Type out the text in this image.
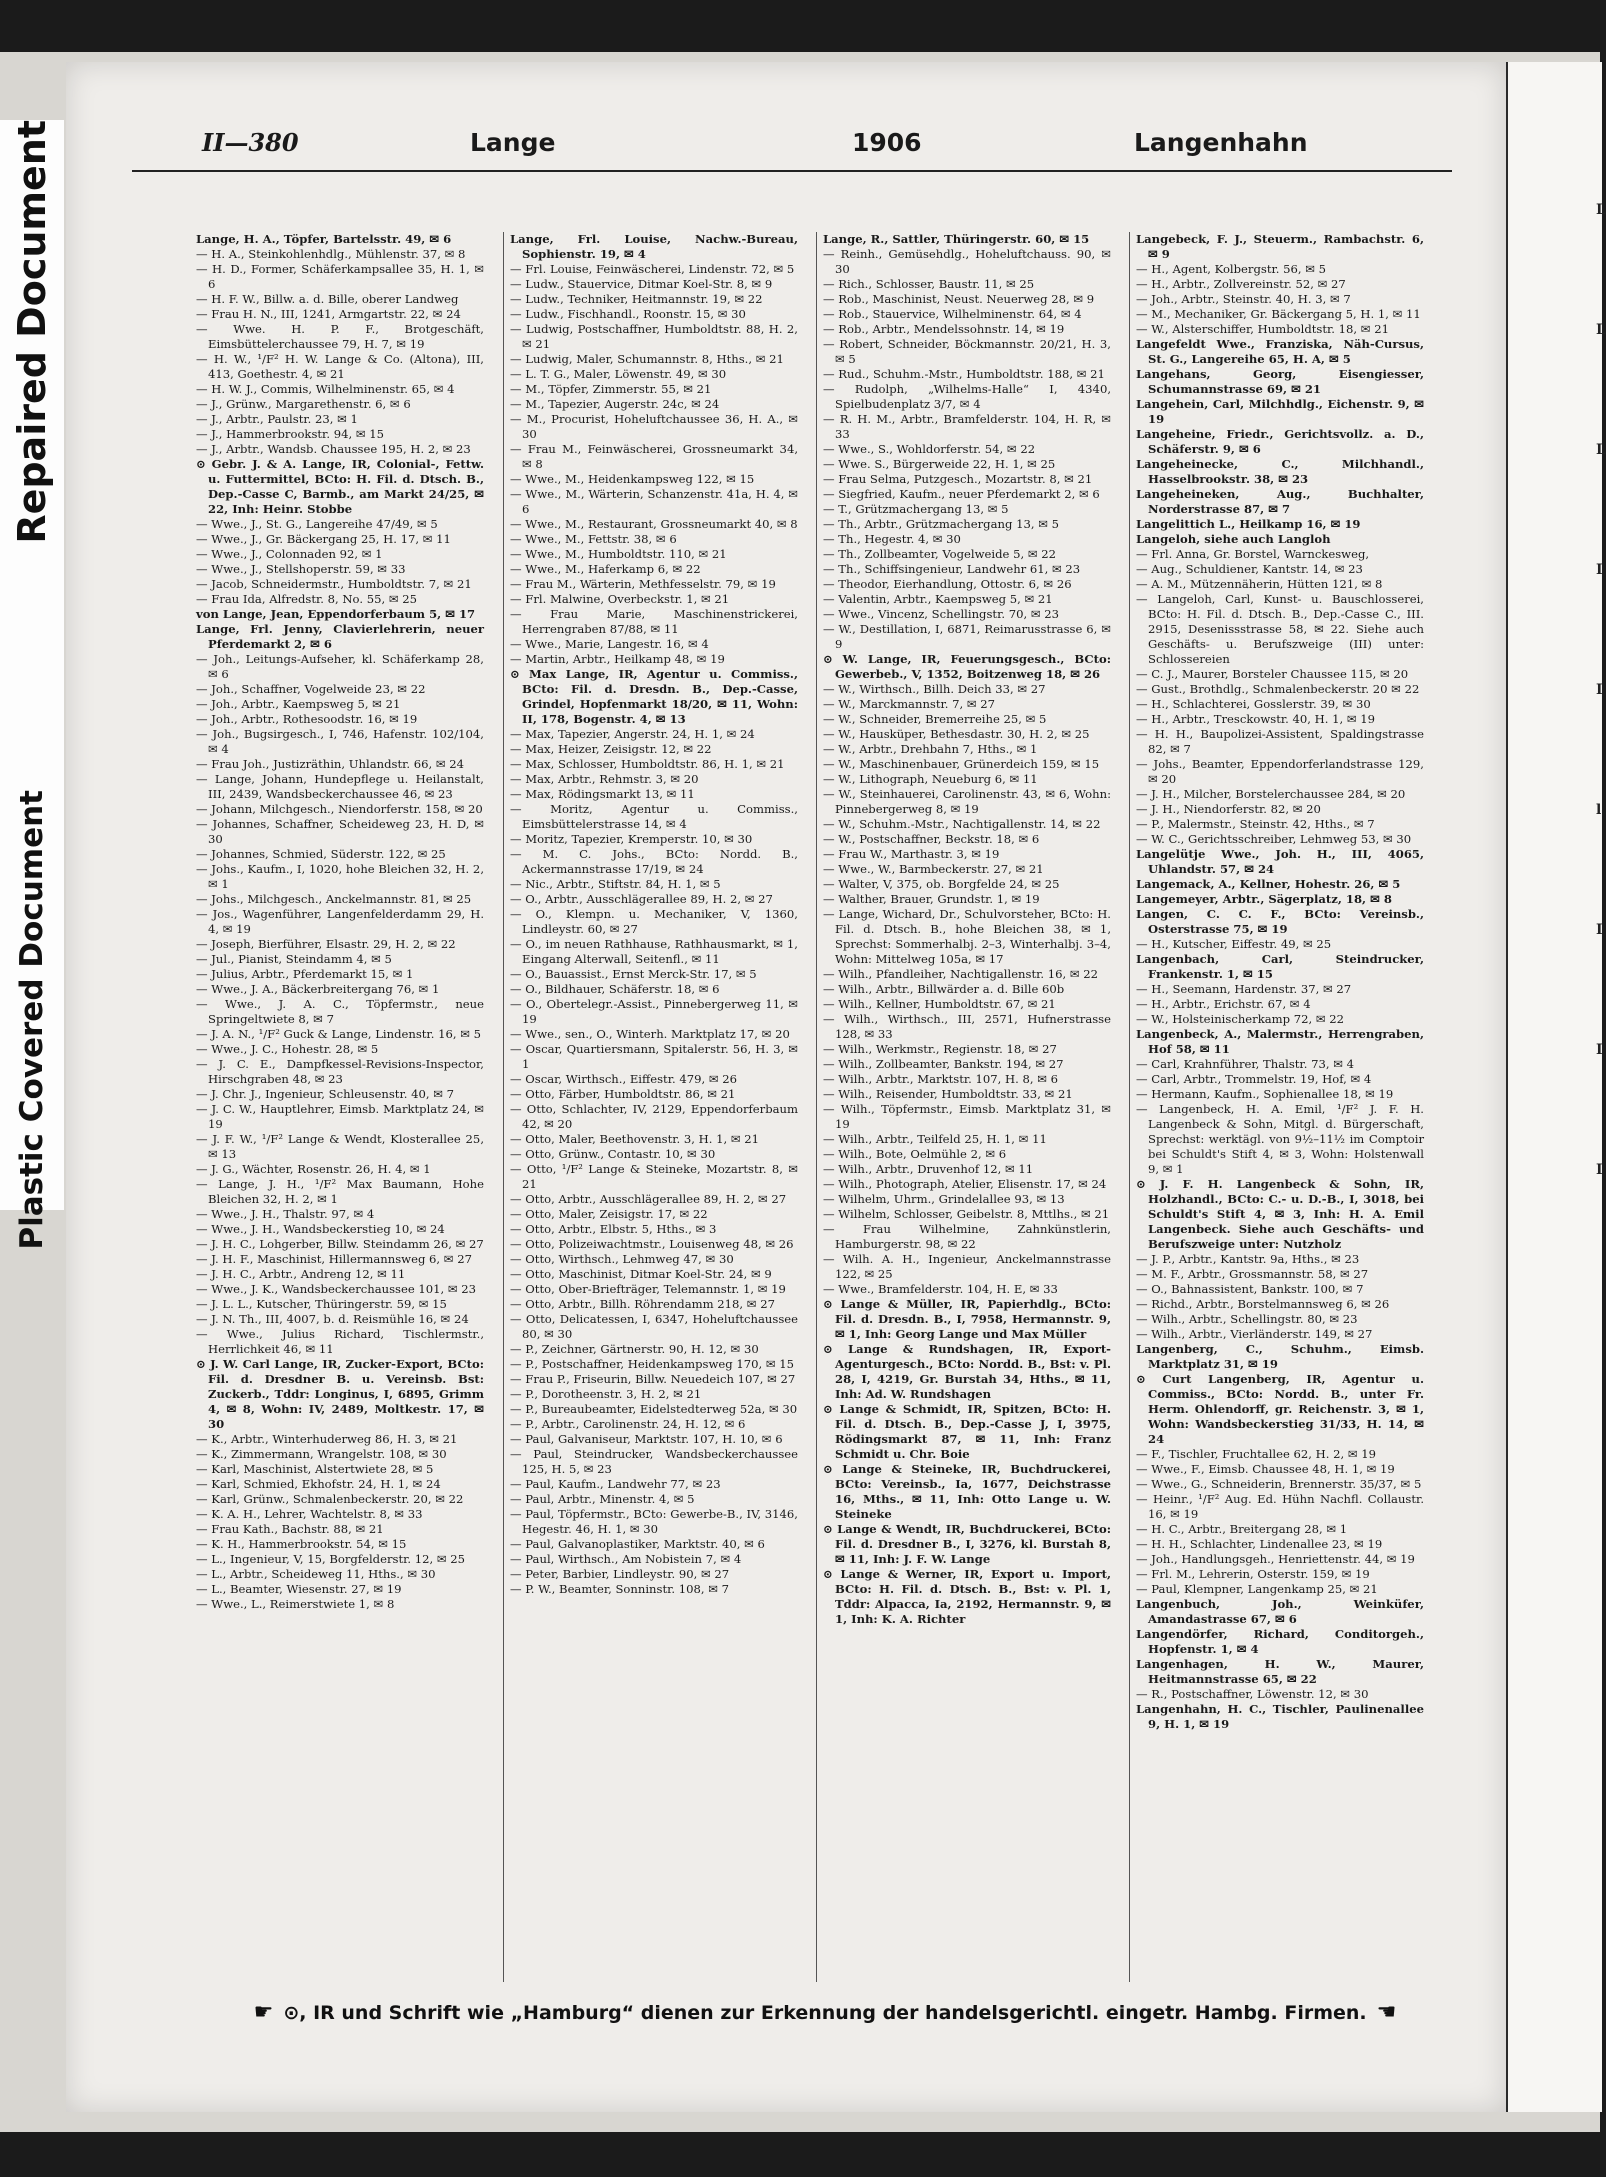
Repaired Document
Plastic Covered Document
L
L
L
I
I
l
I
I
I
II—380	Lange	1906	Langenhahn

Lange, H. A., Töpfer, Bartelsstr. 49, ✉ 6

— H. A., Steinkohlenhdlg., Mühlenstr. 37, ✉ 8

— H. D., Former, Schäferkampsallee 35, H. 1, ✉ 6

— H. F. W., Billw. a. d. Bille, oberer Landweg

— Frau H. N., III, 1241, Armgartstr. 22, ✉ 24

— Wwe. H. P. F., Brotgeschäft, Eimsbüttelerchaussee 79, H. 7, ✉ 19

— H. W., ¹/F² H. W. Lange & Co. (Altona), III, 413, Goethestr. 4, ✉ 21

— H. W. J., Commis, Wilhelminenstr. 65, ✉ 4

— J., Grünw., Margarethenstr. 6, ✉ 6

— J., Arbtr., Paulstr. 23, ✉ 1

— J., Hammerbrookstr. 94, ✉ 15

— J., Arbtr., Wandsb. Chaussee 195, H. 2, ✉ 23

⊙ Gebr. J. & A. Lange, IR, Colonial-, Fettw. u. Futtermittel, BCto: H. Fil. d. Dtsch. B., Dep.-Casse C, Barmb., am Markt 24/25, ✉ 22, Inh: Heinr. Stobbe

— Wwe., J., St. G., Langereihe 47/49, ✉ 5

— Wwe., J., Gr. Bäckergang 25, H. 17, ✉ 11

— Wwe., J., Colonnaden 92, ✉ 1

— Wwe., J., Stellshoperstr. 59, ✉ 33

— Jacob, Schneidermstr., Humboldtstr. 7, ✉ 21

— Frau Ida, Alfredstr. 8, No. 55, ✉ 25

von Lange, Jean, Eppendorferbaum 5, ✉ 17

Lange, Frl. Jenny, Clavierlehrerin, neuer Pferdemarkt 2, ✉ 6

— Joh., Leitungs-Aufseher, kl. Schäferkamp 28, ✉ 6

— Joh., Schaffner, Vogelweide 23, ✉ 22

— Joh., Arbtr., Kaempsweg 5, ✉ 21

— Joh., Arbtr., Rothesoodstr. 16, ✉ 19

— Joh., Bugsirgesch., I, 746, Hafenstr. 102/104, ✉ 4

— Frau Joh., Justizräthin, Uhlandstr. 66, ✉ 24

— Lange, Johann, Hundepflege u. Heilanstalt, III, 2439, Wandsbeckerchaussee 46, ✉ 23

— Johann, Milchgesch., Niendorferstr. 158, ✉ 20

— Johannes, Schaffner, Scheideweg 23, H. D, ✉ 30

— Johannes, Schmied, Süderstr. 122, ✉ 25

— Johs., Kaufm., I, 1020, hohe Bleichen 32, H. 2, ✉ 1

— Johs., Milchgesch., Anckelmannstr. 81, ✉ 25

— Jos., Wagenführer, Langenfelderdamm 29, H. 4, ✉ 19

— Joseph, Bierführer, Elsastr. 29, H. 2, ✉ 22

— Jul., Pianist, Steindamm 4, ✉ 5

— Julius, Arbtr., Pferdemarkt 15, ✉ 1

— Wwe., J. A., Bäckerbreitergang 76, ✉ 1

— Wwe., J. A. C., Töpfermstr., neue Springeltwiete 8, ✉ 7

— J. A. N., ¹/F² Guck & Lange, Lindenstr. 16, ✉ 5

— Wwe., J. C., Hohestr. 28, ✉ 5

— J. C. E., Dampfkessel-Revisions-Inspector, Hirschgraben 48, ✉ 23

— J. Chr. J., Ingenieur, Schleusenstr. 40, ✉ 7

— J. C. W., Hauptlehrer, Eimsb. Marktplatz 24, ✉ 19

— J. F. W., ¹/F² Lange & Wendt, Klosterallee 25, ✉ 13

— J. G., Wächter, Rosenstr. 26, H. 4, ✉ 1

— Lange, J. H., ¹/F² Max Baumann, Hohe Bleichen 32, H. 2, ✉ 1

— Wwe., J. H., Thalstr. 97, ✉ 4

— Wwe., J. H., Wandsbeckerstieg 10, ✉ 24

— J. H. C., Lohgerber, Billw. Steindamm 26, ✉ 27

— J. H. F., Maschinist, Hillermannsweg 6, ✉ 27

— J. H. C., Arbtr., Andreng 12, ✉ 11

— Wwe., J. K., Wandsbeckerchaussee 101, ✉ 23

— J. L. L., Kutscher, Thüringerstr. 59, ✉ 15

— J. N. Th., III, 4007, b. d. Reismühle 16, ✉ 24

— Wwe., Julius Richard, Tischlermstr., Herrlichkeit 46, ✉ 11

⊙ J. W. Carl Lange, IR, Zucker-Export, BCto: Fil. d. Dresdner B. u. Vereinsb. Bst: Zuckerb., Tddr: Longinus, I, 6895, Grimm 4, ✉ 8, Wohn: IV, 2489, Moltkestr. 17, ✉ 30

— K., Arbtr., Winterhuderweg 86, H. 3, ✉ 21

— K., Zimmermann, Wrangelstr. 108, ✉ 30

— Karl, Maschinist, Alstertwiete 28, ✉ 5

— Karl, Schmied, Ekhofstr. 24, H. 1, ✉ 24

— Karl, Grünw., Schmalenbeckerstr. 20, ✉ 22

— K. A. H., Lehrer, Wachtelstr. 8, ✉ 33

— Frau Kath., Bachstr. 88, ✉ 21

— K. H., Hammerbrookstr. 54, ✉ 15

— L., Ingenieur, V, 15, Borgfelderstr. 12, ✉ 25

— L., Arbtr., Scheideweg 11, Hths., ✉ 30

— L., Beamter, Wiesenstr. 27, ✉ 19

— Wwe., L., Reimerstwiete 1, ✉ 8

Lange, Frl. Louise, Nachw.-Bureau, Sophienstr. 19, ✉ 4

— Frl. Louise, Feinwäscherei, Lindenstr. 72, ✉ 5

— Ludw., Stauervice, Ditmar Koel-Str. 8, ✉ 9

— Ludw., Techniker, Heitmannstr. 19, ✉ 22

— Ludw., Fischhandl., Roonstr. 15, ✉ 30

— Ludwig, Postschaffner, Humboldtstr. 88, H. 2, ✉ 21

— Ludwig, Maler, Schumannstr. 8, Hths., ✉ 21

— L. T. G., Maler, Löwenstr. 49, ✉ 30

— M., Töpfer, Zimmerstr. 55, ✉ 21

— M., Tapezier, Augerstr. 24c, ✉ 24

— M., Procurist, Hoheluftchaussee 36, H. A., ✉ 30

— Frau M., Feinwäscherei, Grossneumarkt 34, ✉ 8

— Wwe., M., Heidenkampsweg 122, ✉ 15

— Wwe., M., Wärterin, Schanzenstr. 41a, H. 4, ✉ 6

— Wwe., M., Restaurant, Grossneumarkt 40, ✉ 8

— Wwe., M., Fettstr. 38, ✉ 6

— Wwe., M., Humboldtstr. 110, ✉ 21

— Wwe., M., Haferkamp 6, ✉ 22

— Frau M., Wärterin, Methfesselstr. 79, ✉ 19

— Frl. Malwine, Overbeckstr. 1, ✉ 21

— Frau Marie, Maschinenstrickerei, Herrengraben 87/88, ✉ 11

— Wwe., Marie, Langestr. 16, ✉ 4

— Martin, Arbtr., Heilkamp 48, ✉ 19

⊙ Max Lange, IR, Agentur u. Commiss., BCto: Fil. d. Dresdn. B., Dep.-Casse, Grindel, Hopfenmarkt 18/20, ✉ 11, Wohn: II, 178, Bogenstr. 4, ✉ 13

— Max, Tapezier, Angerstr. 24, H. 1, ✉ 24

— Max, Heizer, Zeisigstr. 12, ✉ 22

— Max, Schlosser, Humboldtstr. 86, H. 1, ✉ 21

— Max, Arbtr., Rehmstr. 3, ✉ 20

— Max, Rödingsmarkt 13, ✉ 11

— Moritz, Agentur u. Commiss., Eimsbüttelerstrasse 14, ✉ 4

— Moritz, Tapezier, Kremperstr. 10, ✉ 30

— M. C. Johs., BCto: Nordd. B., Ackermannstrasse 17/19, ✉ 24

— Nic., Arbtr., Stiftstr. 84, H. 1, ✉ 5

— O., Arbtr., Ausschlägerallee 89, H. 2, ✉ 27

— O., Klempn. u. Mechaniker, V, 1360, Lindleystr. 60, ✉ 27

— O., im neuen Rathhause, Rathhausmarkt, ✉ 1, Eingang Alterwall, Seitenfl., ✉ 11

— O., Bauassist., Ernst Merck-Str. 17, ✉ 5

— O., Bildhauer, Schäferstr. 18, ✉ 6

— O., Obertelegr.-Assist., Pinnebergerweg 11, ✉ 19

— Wwe., sen., O., Winterh. Marktplatz 17, ✉ 20

— Oscar, Quartiersmann, Spitalerstr. 56, H. 3, ✉ 1

— Oscar, Wirthsch., Eiffestr. 479, ✉ 26

— Otto, Färber, Humboldtstr. 86, ✉ 21

— Otto, Schlachter, IV, 2129, Eppendorferbaum 42, ✉ 20

— Otto, Maler, Beethovenstr. 3, H. 1, ✉ 21

— Otto, Grünw., Contastr. 10, ✉ 30

— Otto, ¹/F² Lange & Steineke, Mozartstr. 8, ✉ 21

— Otto, Arbtr., Ausschlägerallee 89, H. 2, ✉ 27

— Otto, Maler, Zeisigstr. 17, ✉ 22

— Otto, Arbtr., Elbstr. 5, Hths., ✉ 3

— Otto, Polizeiwachtmstr., Louisenweg 48, ✉ 26

— Otto, Wirthsch., Lehmweg 47, ✉ 30

— Otto, Maschinist, Ditmar Koel-Str. 24, ✉ 9

— Otto, Ober-Briefträger, Telemannstr. 1, ✉ 19

— Otto, Arbtr., Billh. Röhrendamm 218, ✉ 27

— Otto, Delicatessen, I, 6347, Hoheluftchaussee 80, ✉ 30

— P., Zeichner, Gärtnerstr. 90, H. 12, ✉ 30

— P., Postschaffner, Heidenkampsweg 170, ✉ 15

— Frau P., Friseurin, Billw. Neuedeich 107, ✉ 27

— P., Dorotheenstr. 3, H. 2, ✉ 21

— P., Bureaubeamter, Eidelstedterweg 52a, ✉ 30

— P., Arbtr., Carolinenstr. 24, H. 12, ✉ 6

— Paul, Galvaniseur, Marktstr. 107, H. 10, ✉ 6

— Paul, Steindrucker, Wandsbeckerchaussee 125, H. 5, ✉ 23

— Paul, Kaufm., Landwehr 77, ✉ 23

— Paul, Arbtr., Minenstr. 4, ✉ 5

— Paul, Töpfermstr., BCto: Gewerbe-B., IV, 3146, Hegestr. 46, H. 1, ✉ 30

— Paul, Galvanoplastiker, Marktstr. 40, ✉ 6

— Paul, Wirthsch., Am Nobistein 7, ✉ 4

— Peter, Barbier, Lindleystr. 90, ✉ 27

— P. W., Beamter, Sonninstr. 108, ✉ 7

Lange, R., Sattler, Thüringerstr. 60, ✉ 15

— Reinh., Gemüsehdlg., Hoheluftchauss. 90, ✉ 30

— Rich., Schlosser, Baustr. 11, ✉ 25

— Rob., Maschinist, Neust. Neuerweg 28, ✉ 9

— Rob., Stauervice, Wilhelminenstr. 64, ✉ 4

— Rob., Arbtr., Mendelssohnstr. 14, ✉ 19

— Robert, Schneider, Böckmannstr. 20/21, H. 3, ✉ 5

— Rud., Schuhm.-Mstr., Humboldtstr. 188, ✉ 21

— Rudolph, „Wilhelms-Halle“ I, 4340, Spielbudenplatz 3/7, ✉ 4

— R. H. M., Arbtr., Bramfelderstr. 104, H. R, ✉ 33

— Wwe., S., Wohldorferstr. 54, ✉ 22

— Wwe. S., Bürgerweide 22, H. 1, ✉ 25

— Frau Selma, Putzgesch., Mozartstr. 8, ✉ 21

— Siegfried, Kaufm., neuer Pferdemarkt 2, ✉ 6

— T., Grützmachergang 13, ✉ 5

— Th., Arbtr., Grützmachergang 13, ✉ 5

— Th., Hegestr. 4, ✉ 30

— Th., Zollbeamter, Vogelweide 5, ✉ 22

— Th., Schiffsingenieur, Landwehr 61, ✉ 23

— Theodor, Eierhandlung, Ottostr. 6, ✉ 26

— Valentin, Arbtr., Kaempsweg 5, ✉ 21

— Wwe., Vincenz, Schellingstr. 70, ✉ 23

— W., Destillation, I, 6871, Reimarusstrasse 6, ✉ 9

⊙ W. Lange, IR, Feuerungsgesch., BCto: Gewerbeb., V, 1352, Boitzenweg 18, ✉ 26

— W., Wirthsch., Billh. Deich 33, ✉ 27

— W., Marckmannstr. 7, ✉ 27

— W., Schneider, Bremerreihe 25, ✉ 5

— W., Hausküper, Bethesdastr. 30, H. 2, ✉ 25

— W., Arbtr., Drehbahn 7, Hths., ✉ 1

— W., Maschinenbauer, Grünerdeich 159, ✉ 15

— W., Lithograph, Neueburg 6, ✉ 11

— W., Steinhauerei, Carolinenstr. 43, ✉ 6, Wohn: Pinnebergerweg 8, ✉ 19

— W., Schuhm.-Mstr., Nachtigallenstr. 14, ✉ 22

— W., Postschaffner, Beckstr. 18, ✉ 6

— Frau W., Marthastr. 3, ✉ 19

— Wwe., W., Barmbeckerstr. 27, ✉ 21

— Walter, V, 375, ob. Borgfelde 24, ✉ 25

— Walther, Brauer, Grundstr. 1, ✉ 19

— Lange, Wichard, Dr., Schulvorsteher, BCto: H. Fil. d. Dtsch. B., hohe Bleichen 38, ✉ 1, Sprechst: Sommerhalbj. 2–3, Winterhalbj. 3–4, Wohn: Mittelweg 105a, ✉ 17

— Wilh., Pfandleiher, Nachtigallenstr. 16, ✉ 22

— Wilh., Arbtr., Billwärder a. d. Bille 60b

— Wilh., Kellner, Humboldtstr. 67, ✉ 21

— Wilh., Wirthsch., III, 2571, Hufnerstrasse 128, ✉ 33

— Wilh., Werkmstr., Regienstr. 18, ✉ 27

— Wilh., Zollbeamter, Bankstr. 194, ✉ 27

— Wilh., Arbtr., Marktstr. 107, H. 8, ✉ 6

— Wilh., Reisender, Humboldtstr. 33, ✉ 21

— Wilh., Töpfermstr., Eimsb. Marktplatz 31, ✉ 19

— Wilh., Arbtr., Teilfeld 25, H. 1, ✉ 11

— Wilh., Bote, Oelmühle 2, ✉ 6

— Wilh., Arbtr., Druvenhof 12, ✉ 11

— Wilh., Photograph, Atelier, Elisenstr. 17, ✉ 24

— Wilhelm, Uhrm., Grindelallee 93, ✉ 13

— Wilhelm, Schlosser, Geibelstr. 8, Mttlhs., ✉ 21

— Frau Wilhelmine, Zahnkünstlerin, Hamburgerstr. 98, ✉ 22

— Wilh. A. H., Ingenieur, Anckelmannstrasse 122, ✉ 25

— Wwe., Bramfelderstr. 104, H. E, ✉ 33

⊙ Lange & Müller, IR, Papierhdlg., BCto: Fil. d. Dresdn. B., I, 7958, Hermannstr. 9, ✉ 1, Inh: Georg Lange und Max Müller

⊙ Lange & Rundshagen, IR, Export-Agenturgesch., BCto: Nordd. B., Bst: v. Pl. 28, I, 4219, Gr. Burstah 34, Hths., ✉ 11, Inh: Ad. W. Rundshagen

⊙ Lange & Schmidt, IR, Spitzen, BCto: H. Fil. d. Dtsch. B., Dep.-Casse J, I, 3975, Rödingsmarkt 87, ✉ 11, Inh: Franz Schmidt u. Chr. Boie

⊙ Lange & Steineke, IR, Buchdruckerei, BCto: Vereinsb., Ia, 1677, Deichstrasse 16, Mths., ✉ 11, Inh: Otto Lange u. W. Steineke

⊙ Lange & Wendt, IR, Buchdruckerei, BCto: Fil. d. Dresdner B., I, 3276, kl. Burstah 8, ✉ 11, Inh: J. F. W. Lange

⊙ Lange & Werner, IR, Export u. Import, BCto: H. Fil. d. Dtsch. B., Bst: v. Pl. 1, Tddr: Alpacca, Ia, 2192, Hermannstr. 9, ✉ 1, Inh: K. A. Richter

Langebeck, F. J., Steuerm., Rambachstr. 6, ✉ 9

— H., Agent, Kolbergstr. 56, ✉ 5

— H., Arbtr., Zollvereinstr. 52, ✉ 27

— Joh., Arbtr., Steinstr. 40, H. 3, ✉ 7

— M., Mechaniker, Gr. Bäckergang 5, H. 1, ✉ 11

— W., Alsterschiffer, Humboldtstr. 18, ✉ 21

Langefeldt Wwe., Franziska, Näh-Cursus, St. G., Langereihe 65, H. A, ✉ 5

Langehans, Georg, Eisengiesser, Schumannstrasse 69, ✉ 21

Langehein, Carl, Milchhdlg., Eichenstr. 9, ✉ 19

Langeheine, Friedr., Gerichtsvollz. a. D., Schäferstr. 9, ✉ 6

Langeheinecke, C., Milchhandl., Hasselbrookstr. 38, ✉ 23

Langeheineken, Aug., Buchhalter, Norderstrasse 87, ✉ 7

Langelittich L., Heilkamp 16, ✉ 19

Langeloh, siehe auch Langloh

— Frl. Anna, Gr. Borstel, Warnckesweg,

— Aug., Schuldiener, Kantstr. 14, ✉ 23

— A. M., Mützennäherin, Hütten 121, ✉ 8

— Langeloh, Carl, Kunst- u. Bauschlosserei, BCto: H. Fil. d. Dtsch. B., Dep.-Casse C., III. 2915, Desenissstrasse 58, ✉ 22. Siehe auch Geschäfts- u. Berufszweige (III) unter: Schlossereien

— C. J., Maurer, Borsteler Chaussee 115, ✉ 20

— Gust., Brothdlg., Schmalenbeckerstr. 20 ✉ 22

— H., Schlachterei, Gosslerstr. 39, ✉ 30

— H., Arbtr., Tresckowstr. 40, H. 1, ✉ 19

— H. H., Baupolizei-Assistent, Spaldingstrasse 82, ✉ 7

— Johs., Beamter, Eppendorferlandstrasse 129, ✉ 20

— J. H., Milcher, Borstelerchaussee 284, ✉ 20

— J. H., Niendorferstr. 82, ✉ 20

— P., Malermstr., Steinstr. 42, Hths., ✉ 7

— W. C., Gerichtsschreiber, Lehmweg 53, ✉ 30

Langelütje Wwe., Joh. H., III, 4065, Uhlandstr. 57, ✉ 24

Langemack, A., Kellner, Hohestr. 26, ✉ 5

Langemeyer, Arbtr., Sägerplatz, 18, ✉ 8

Langen, C. C. F., BCto: Vereinsb., Osterstrasse 75, ✉ 19

— H., Kutscher, Eiffestr. 49, ✉ 25

Langenbach, Carl, Steindrucker, Frankenstr. 1, ✉ 15

— H., Seemann, Hardenstr. 37, ✉ 27

— H., Arbtr., Erichstr. 67, ✉ 4

— W., Holsteinischerkamp 72, ✉ 22

Langenbeck, A., Malermstr., Herrengraben, Hof 58, ✉ 11

— Carl, Krahnführer, Thalstr. 73, ✉ 4

— Carl, Arbtr., Trommelstr. 19, Hof, ✉ 4

— Hermann, Kaufm., Sophienallee 18, ✉ 19

— Langenbeck, H. A. Emil, ¹/F² J. F. H. Langenbeck & Sohn, Mitgl. d. Bürgerschaft, Sprechst: werktägl. von 9½–11½ im Comptoir bei Schuldt's Stift 4, ✉ 3, Wohn: Holstenwall 9, ✉ 1

⊙ J. F. H. Langenbeck & Sohn, IR, Holzhandl., BCto: C.- u. D.-B., I, 3018, bei Schuldt's Stift 4, ✉ 3, Inh: H. A. Emil Langenbeck. Siehe auch Geschäfts- und Berufszweige unter: Nutzholz

— J. P., Arbtr., Kantstr. 9a, Hths., ✉ 23

— M. F., Arbtr., Grossmannstr. 58, ✉ 27

— O., Bahnassistent, Bankstr. 100, ✉ 7

— Richd., Arbtr., Borstelmannsweg 6, ✉ 26

— Wilh., Arbtr., Schellingstr. 80, ✉ 23

— Wilh., Arbtr., Vierländerstr. 149, ✉ 27

Langenberg, C., Schuhm., Eimsb. Marktplatz 31, ✉ 19

⊙ Curt Langenberg, IR, Agentur u. Commiss., BCto: Nordd. B., unter Fr. Herm. Ohlendorff, gr. Reichenstr. 3, ✉ 1, Wohn: Wandsbeckerstieg 31/33, H. 14, ✉ 24

— F., Tischler, Fruchtallee 62, H. 2, ✉ 19

— Wwe., F., Eimsb. Chaussee 48, H. 1, ✉ 19

— Wwe., G., Schneiderin, Brennerstr. 35/37, ✉ 5

— Heinr., ¹/F² Aug. Ed. Hühn Nachfl. Collaustr. 16, ✉ 19

— H. C., Arbtr., Breitergang 28, ✉ 1

— H. H., Schlachter, Lindenallee 23, ✉ 19

— Joh., Handlungsgeh., Henriettenstr. 44, ✉ 19

— Frl. M., Lehrerin, Osterstr. 159, ✉ 19

— Paul, Klempner, Langenkamp 25, ✉ 21

Langenbuch, Joh., Weinküfer, Amandastrasse 67, ✉ 6

Langendörfer, Richard, Conditorgeh., Hopfenstr. 1, ✉ 4

Langenhagen, H. W., Maurer, Heitmannstrasse 65, ✉ 22

— R., Postschaffner, Löwenstr. 12, ✉ 30

Langenhahn, H. C., Tischler, Paulinenallee 9, H. 1, ✉ 19

☛ ⊙, IR und Schrift wie „Hamburg“ dienen zur Erkennung der handelsgerichtl. eingetr. Hambg. Firmen. ☚
